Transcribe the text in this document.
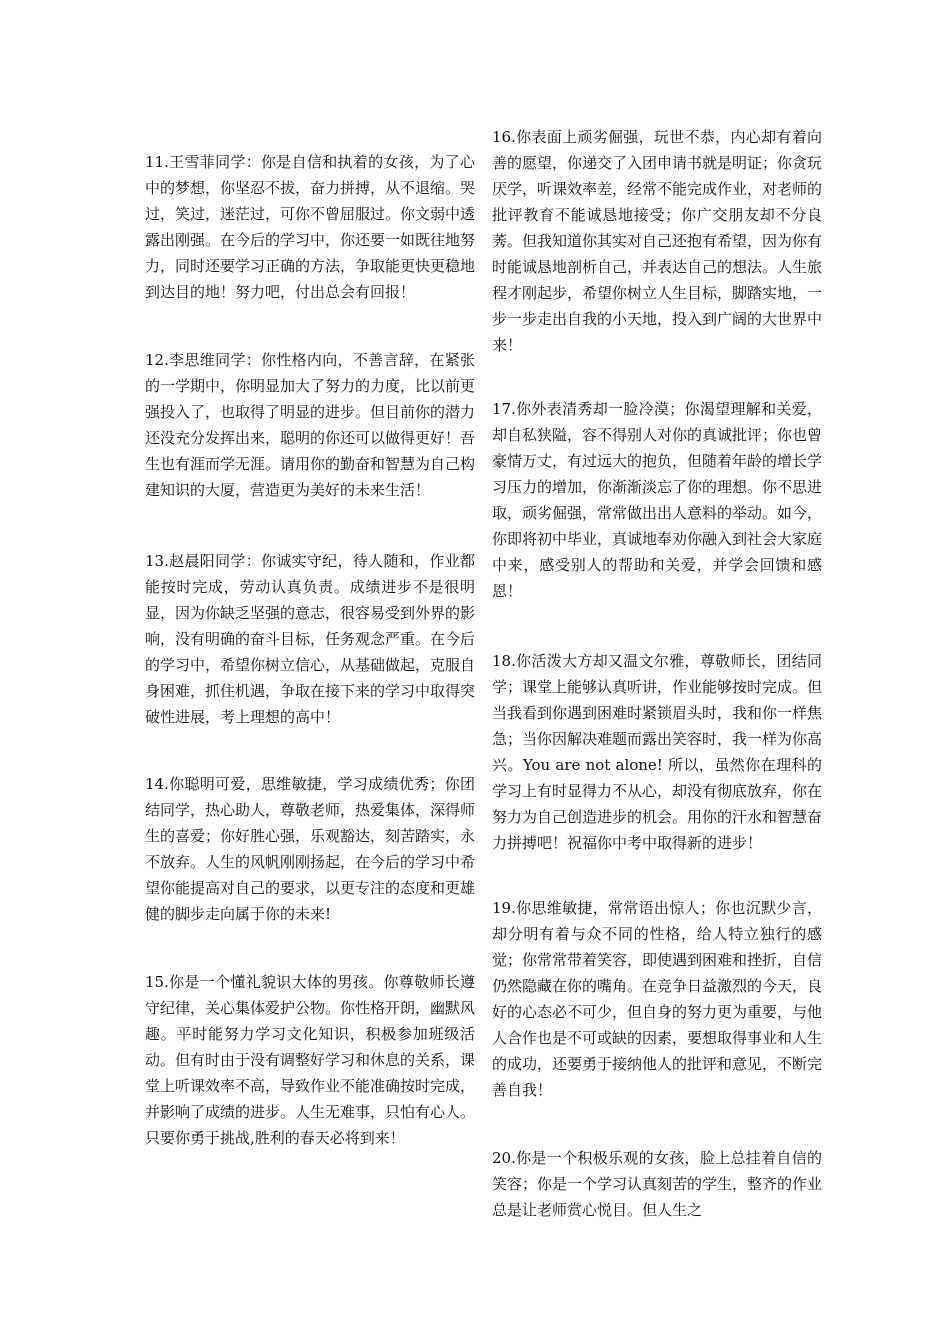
11.王雪菲同学：你是自信和执着的女孩，为了心中的梦想，你坚忍不拔，奋力拼搏，从不退缩。哭过，笑过，迷茫过，可你不曾屈服过。你文弱中透露出刚强。在今后的学习中，你还要一如既往地努力，同时还要学习正确的方法，争取能更快更稳地到达目的地！努力吧，付出总会有回报！

12.李思维同学：你性格内向，不善言辞，在紧张的一学期中，你明显加大了努力的力度，比以前更强投入了，也取得了明显的进步。但目前你的潜力还没充分发挥出来，聪明的你还可以做得更好！吾生也有涯而学无涯。请用你的勤奋和智慧为自己构建知识的大厦，营造更为美好的未来生活！

13.赵晨阳同学：你诚实守纪，待人随和，作业都能按时完成，劳动认真负责。成绩进步不是很明显，因为你缺乏坚强的意志，很容易受到外界的影响，没有明确的奋斗目标，任务观念严重。在今后的学习中，希望你树立信心，从基础做起，克服自身困难，抓住机遇，争取在接下来的学习中取得突破性进展，考上理想的高中！

14.你聪明可爱，思维敏捷，学习成绩优秀；你团结同学，热心助人，尊敬老师，热爱集体，深得师生的喜爱；你好胜心强，乐观豁达，刻苦踏实，永不放弃。人生的风帆刚刚扬起，在今后的学习中希望你能提高对自己的要求，以更专注的态度和更雄健的脚步走向属于你的未来!

15.你是一个懂礼貌识大体的男孩。你尊敬师长遵守纪律，关心集体爱护公物。你性格开朗，幽默风趣。平时能努力学习文化知识，积极参加班级活动。但有时由于没有调整好学习和休息的关系，课堂上听课效率不高，导致作业不能准确按时完成，并影响了成绩的进步。人生无难事，只怕有心人。只要你勇于挑战,胜利的春天必将到来！

16.你表面上顽劣倔强，玩世不恭，内心却有着向善的愿望，你递交了入团申请书就是明证；你贪玩厌学，听课效率差，经常不能完成作业，对老师的批评教育不能诚恳地接受；你广交朋友却不分良莠。但我知道你其实对自己还抱有希望，因为你有时能诚恳地剖析自己，并表达自己的想法。人生旅程才刚起步，希望你树立人生目标，脚踏实地，一步一步走出自我的小天地，投入到广阔的大世界中来！

17.你外表清秀却一脸冷漠；你渴望理解和关爱，却自私狭隘，容不得别人对你的真诚批评；你也曾豪情万丈，有过远大的抱负，但随着年龄的增长学习压力的增加，你渐渐淡忘了你的理想。你不思进取，顽劣倔强，常常做出出人意料的举动。如今，你即将初中毕业，真诚地奉劝你融入到社会大家庭中来，感受别人的帮助和关爱，并学会回馈和感恩！

18.你活泼大方却又温文尔雅，尊敬师长，团结同学；课堂上能够认真听讲，作业能够按时完成。但当我看到你遇到困难时紧锁眉头时，我和你一样焦急；当你因解决难题而露出笑容时，我一样为你高兴。You are not alone! 所以，虽然你在理科的学习上有时显得力不从心，却没有彻底放弃，你在努力为自己创造进步的机会。用你的汗水和智慧奋力拼搏吧！祝福你中考中取得新的进步！

19.你思维敏捷，常常语出惊人；你也沉默少言，却分明有着与众不同的性格，给人特立独行的感觉；你常常带着笑容，即使遇到困难和挫折，自信仍然隐藏在你的嘴角。在竞争日益激烈的今天，良好的心态必不可少，但自身的努力更为重要，与他人合作也是不可或缺的因素，要想取得事业和人生的成功，还要勇于接纳他人的批评和意见，不断完善自我！

20.你是一个积极乐观的女孩，脸上总挂着自信的笑容；你是一个学习认真刻苦的学生，整齐的作业总是让老师赏心悦目。但人生之
